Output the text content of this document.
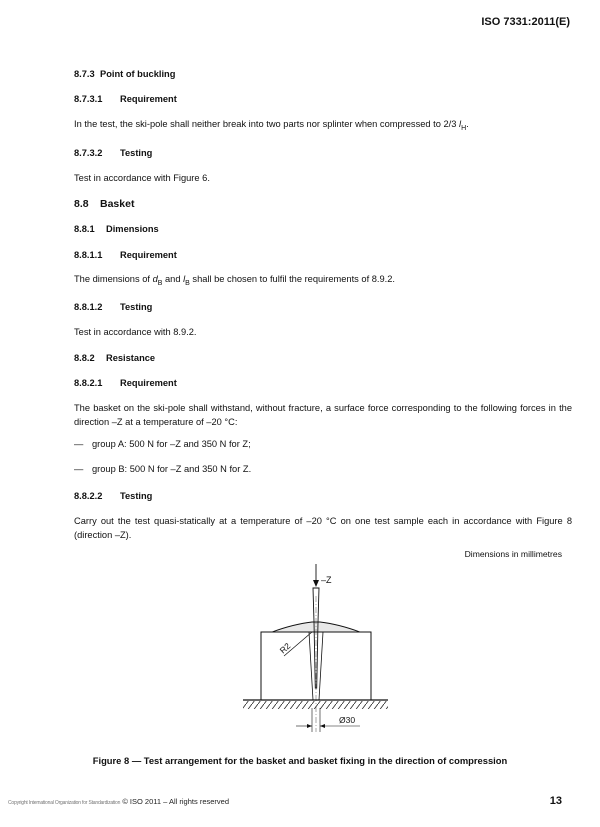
ISO 7331:2011(E)
8.7.3 Point of buckling
8.7.3.1 Requirement
In the test, the ski-pole shall neither break into two parts nor splinter when compressed to 2/3 $l_H$.
8.7.3.2 Testing
Test in accordance with Figure 6.
8.8 Basket
8.8.1 Dimensions
8.8.1.1 Requirement
The dimensions of $d_B$ and $l_B$ shall be chosen to fulfil the requirements of 8.9.2.
8.8.1.2 Testing
Test in accordance with 8.9.2.
8.8.2 Resistance
8.8.2.1 Requirement
The basket on the ski-pole shall withstand, without fracture, a surface force corresponding to the following forces in the direction –Z at a temperature of –20 °C:
— group A: 500 N for –Z and 350 N for Z;
— group B: 500 N for –Z and 350 N for Z.
8.8.2.2 Testing
Carry out the test quasi-statically at a temperature of –20 °C on one test sample each in accordance with Figure 8 (direction –Z).
Dimensions in millimetres
–Z
R2
Ø30
Figure 8 — Test arrangement for the basket and basket fixing in the direction of compression
Copyright International Organization for Standardization © ISO 2011 – All rights reserved	13
